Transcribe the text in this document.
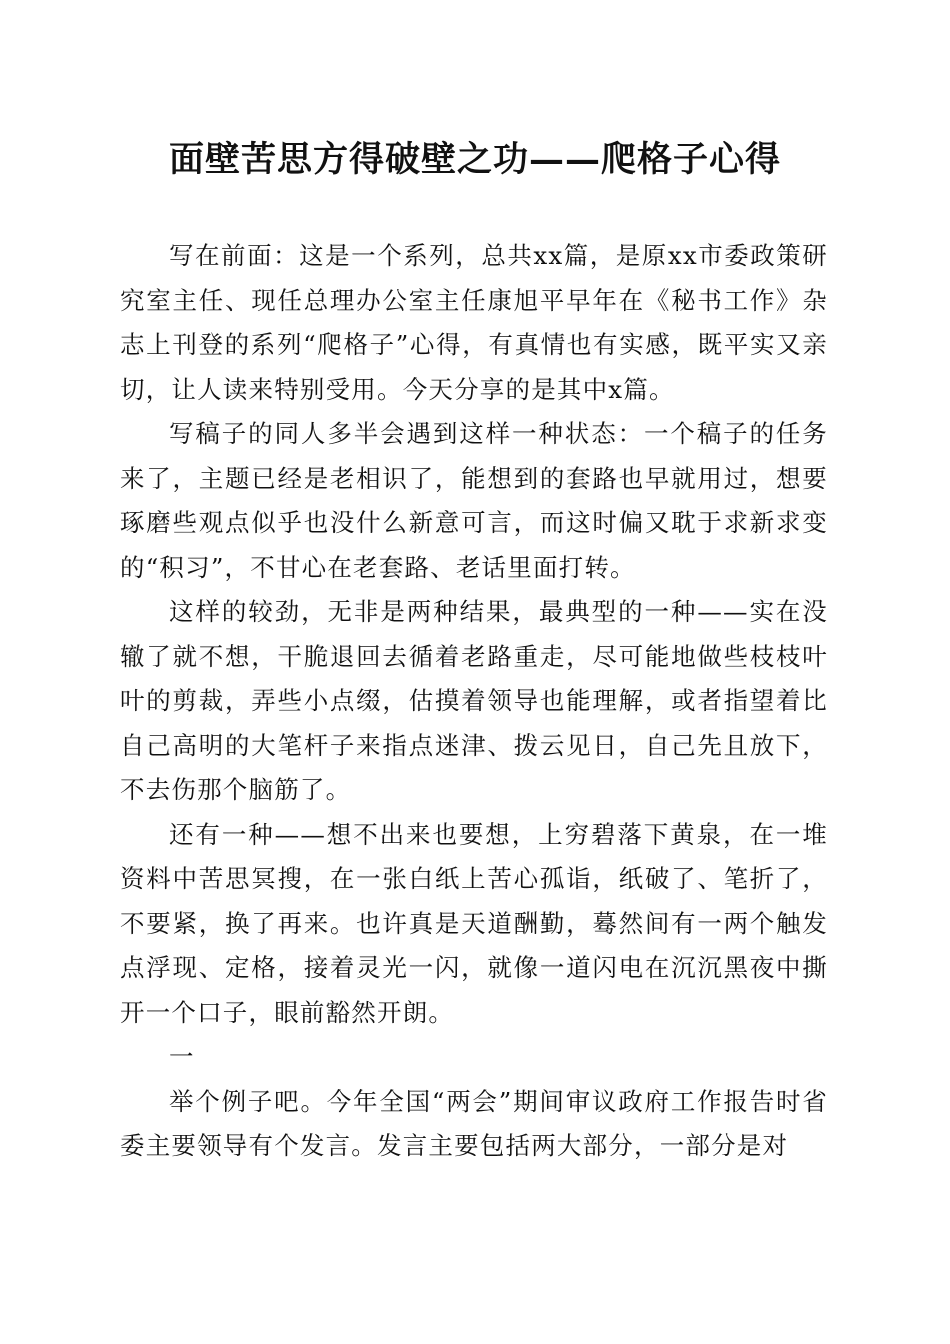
面壁苦思方得破壁之功——爬格子心得

写在前面：这是一个系列，总共xx篇，是原xx市委政策研究室主任、现任总理办公室主任康旭平早年在《秘书工作》杂志上刊登的系列“爬格子”心得，有真情也有实感，既平实又亲切，让人读来特别受用。今天分享的是其中x篇。

写稿子的同人多半会遇到这样一种状态：一个稿子的任务来了，主题已经是老相识了，能想到的套路也早就用过，想要琢磨些观点似乎也没什么新意可言，而这时偏又耽于求新求变的“积习”，不甘心在老套路、老话里面打转。

这样的较劲，无非是两种结果，最典型的一种——实在没辙了就不想，干脆退回去循着老路重走，尽可能地做些枝枝叶叶的剪裁，弄些小点缀，估摸着领导也能理解，或者指望着比自己高明的大笔杆子来指点迷津、拨云见日，自己先且放下，不去伤那个脑筋了。

还有一种——想不出来也要想，上穷碧落下黄泉，在一堆资料中苦思冥搜，在一张白纸上苦心孤诣，纸破了、笔折了，不要紧，换了再来。也许真是天道酬勤，蓦然间有一两个触发点浮现、定格，接着灵光一闪，就像一道闪电在沉沉黑夜中撕开一个口子，眼前豁然开朗。

一

举个例子吧。今年全国“两会”期间审议政府工作报告时省委主要领导有个发言。发言主要包括两大部分，一部分是对
